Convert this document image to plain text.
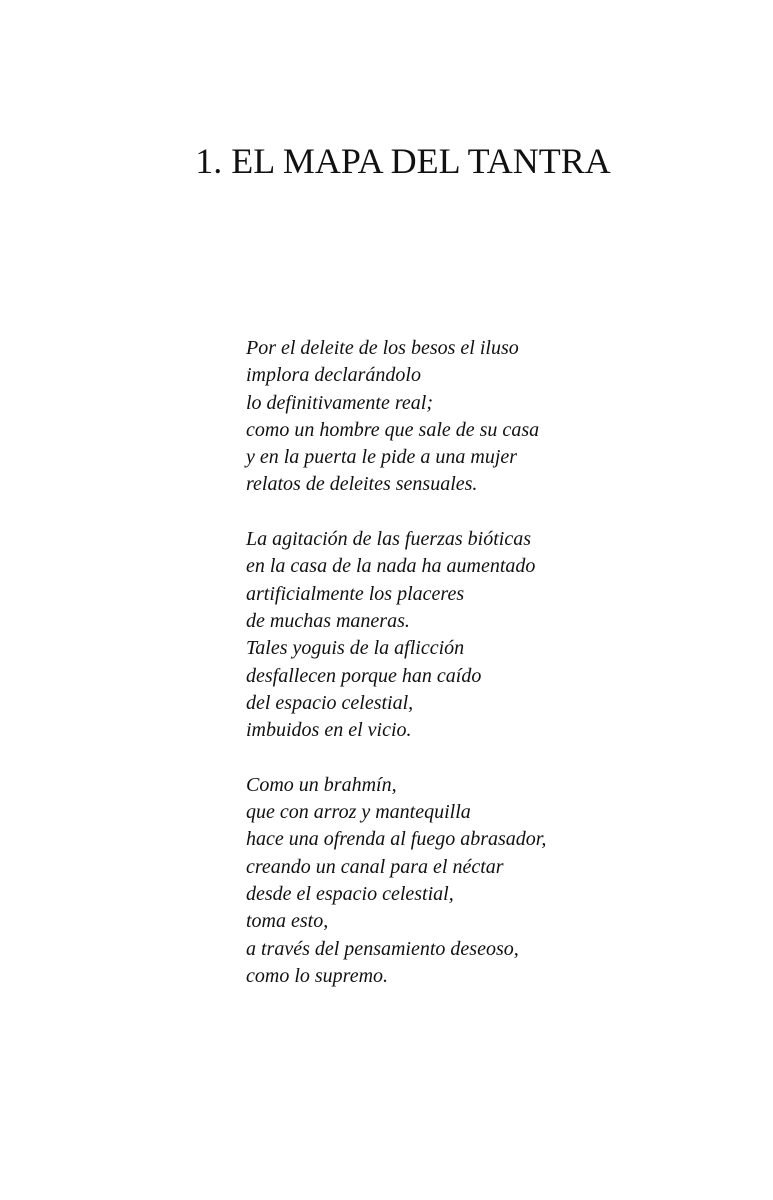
1. EL MAPA DEL TANTRA
Por el deleite de los besos el iluso
implora declarándolo
lo definitivamente real;
como un hombre que sale de su casa
y en la puerta le pide a una mujer
relatos de deleites sensuales.
La agitación de las fuerzas bióticas
en la casa de la nada ha aumentado
artificialmente los placeres
de muchas maneras.
Tales yoguis de la aflicción
desfallecen porque han caído
del espacio celestial,
imbuidos en el vicio.
Como un brahmín,
que con arroz y mantequilla
hace una ofrenda al fuego abrasador,
creando un canal para el néctar
desde el espacio celestial,
toma esto,
a través del pensamiento deseoso,
como lo supremo.
